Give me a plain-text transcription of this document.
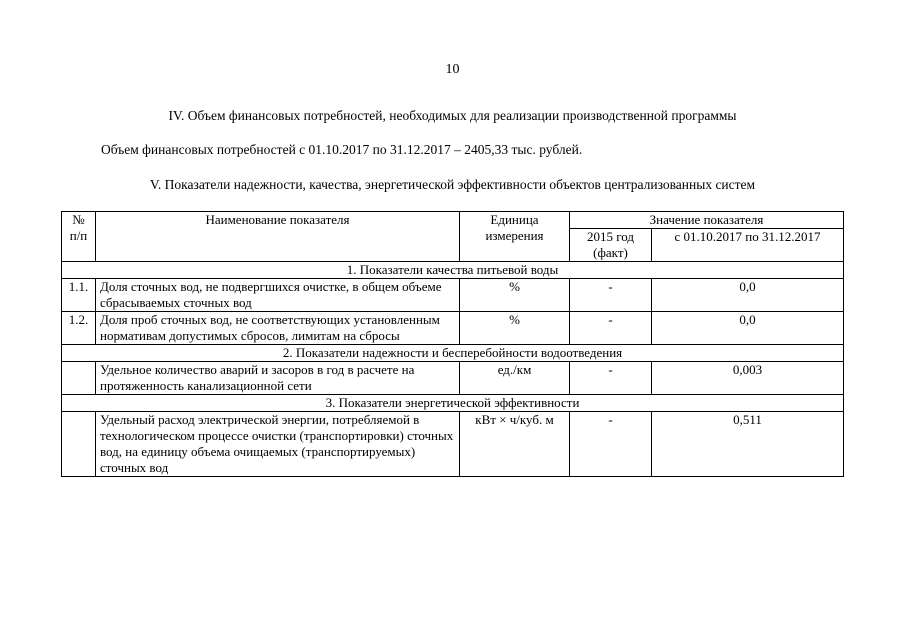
10
IV. Объем финансовых потребностей, необходимых для реализации производственной программы
Объем финансовых потребностей с 01.10.2017 по 31.12.2017 – 2405,33 тыс. рублей.
V. Показатели надежности, качества, энергетической эффективности объектов централизованных систем
№ п/п	Наименование показателя	Единица измерения	Значение показателя	
			2015 год (факт)	с 01.10.2017 по 31.12.2017
1. Показатели качества питьевой воды				
1.1.	Доля сточных вод, не подвергшихся очистке, в общем объеме сбрасываемых сточных вод	%	-	0,0
1.2.	Доля проб сточных вод, не соответствующих установленным нормативам допустимых сбросов, лимитам на сбросы	%	-	0,0
2. Показатели надежности и бесперебойности водоотведения				
	Удельное количество аварий и засоров в год в расчете на протяженность канализационной сети	ед./км	-	0,003
3. Показатели энергетической эффективности				
	Удельный расход электрической энергии, потребляемой в технологическом процессе очистки (транспортировки) сточных вод, на единицу объема очищаемых (транспортируемых) сточных вод	кВт × ч/куб. м	-	0,511
